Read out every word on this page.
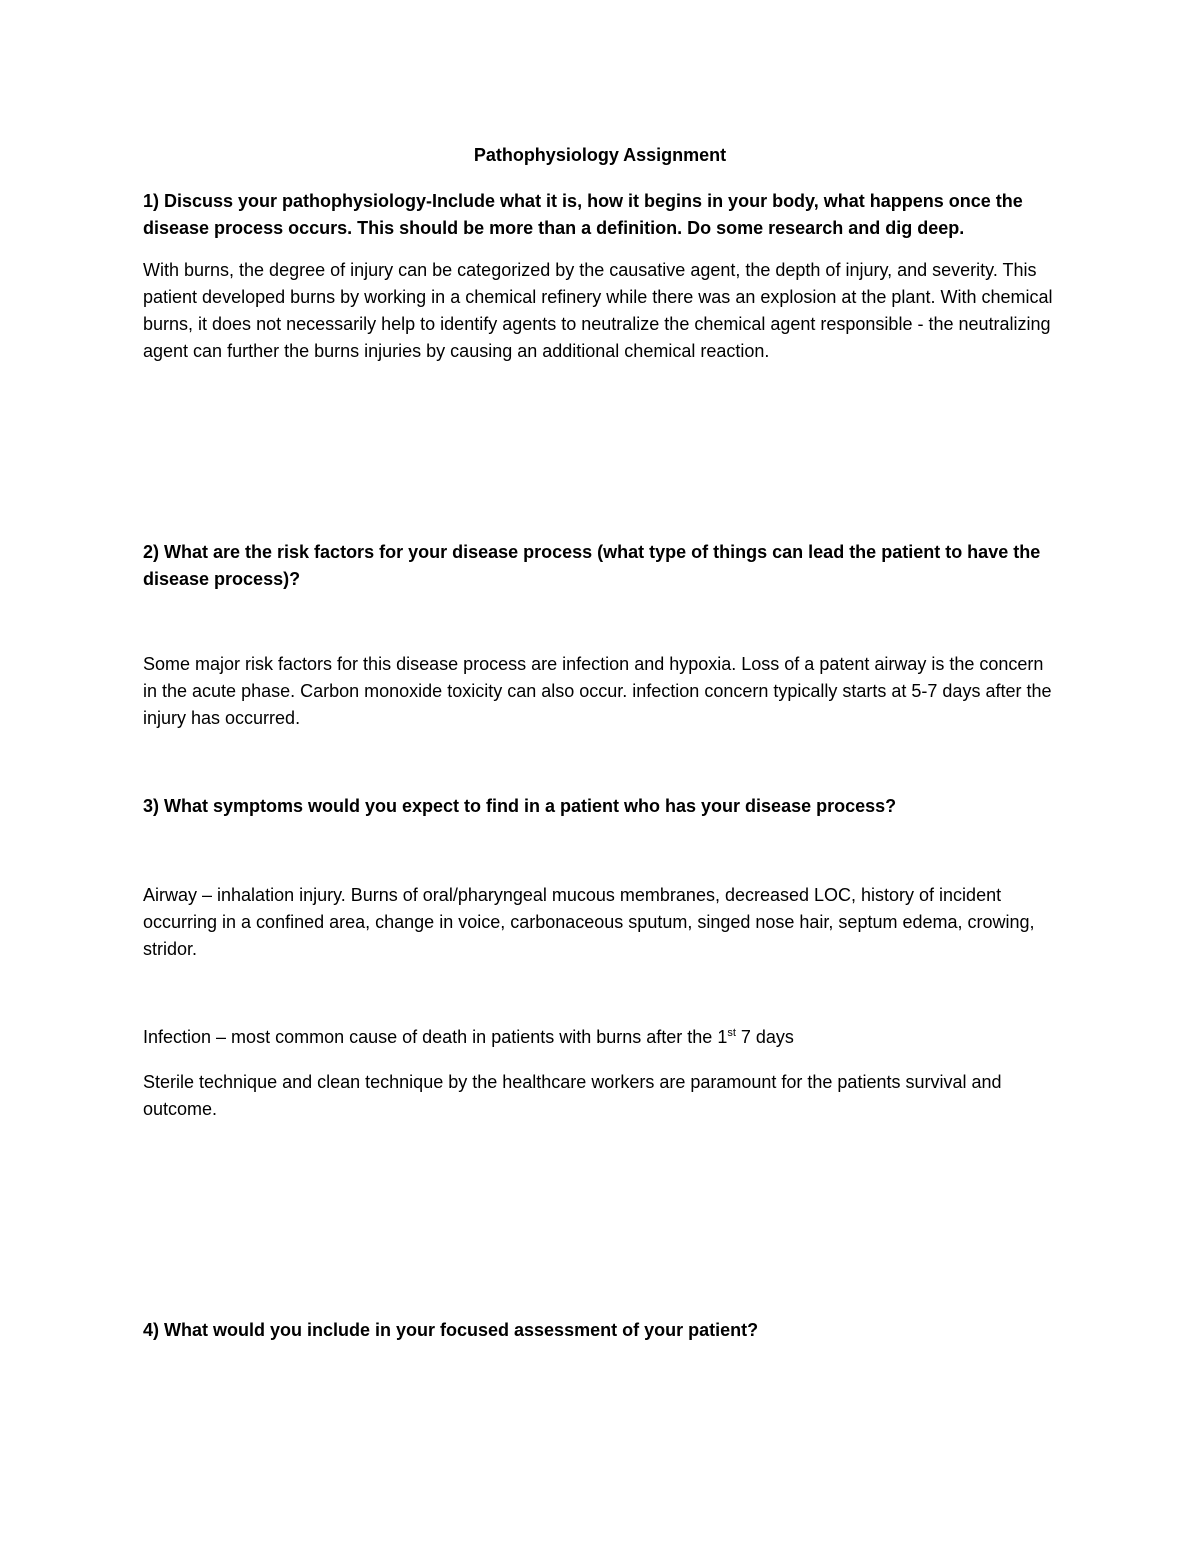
Pathophysiology Assignment

1) Discuss your pathophysiology-Include what it is, how it begins in your body, what happens once the disease process occurs. This should be more than a definition. Do some research and dig deep.

With burns, the degree of injury can be categorized by the causative agent, the depth of injury, and severity. This patient developed burns by working in a chemical refinery while there was an explosion at the plant. With chemical burns, it does not necessarily help to identify agents to neutralize the chemical agent responsible - the neutralizing agent can further the burns injuries by causing an additional chemical reaction.

2) What are the risk factors for your disease process (what type of things can lead the patient to have the disease process)?

Some major risk factors for this disease process are infection and hypoxia. Loss of a patent airway is the concern in the acute phase. Carbon monoxide toxicity can also occur. infection concern typically starts at 5-7 days after the injury has occurred.

3) What symptoms would you expect to find in a patient who has your disease process?

Airway – inhalation injury. Burns of oral/pharyngeal mucous membranes, decreased LOC, history of incident occurring in a confined area, change in voice, carbonaceous sputum, singed nose hair, septum edema, crowing, stridor.

Infection – most common cause of death in patients with burns after the 1st 7 days

Sterile technique and clean technique by the healthcare workers are paramount for the patients survival and outcome.

4) What would you include in your focused assessment of your patient?
